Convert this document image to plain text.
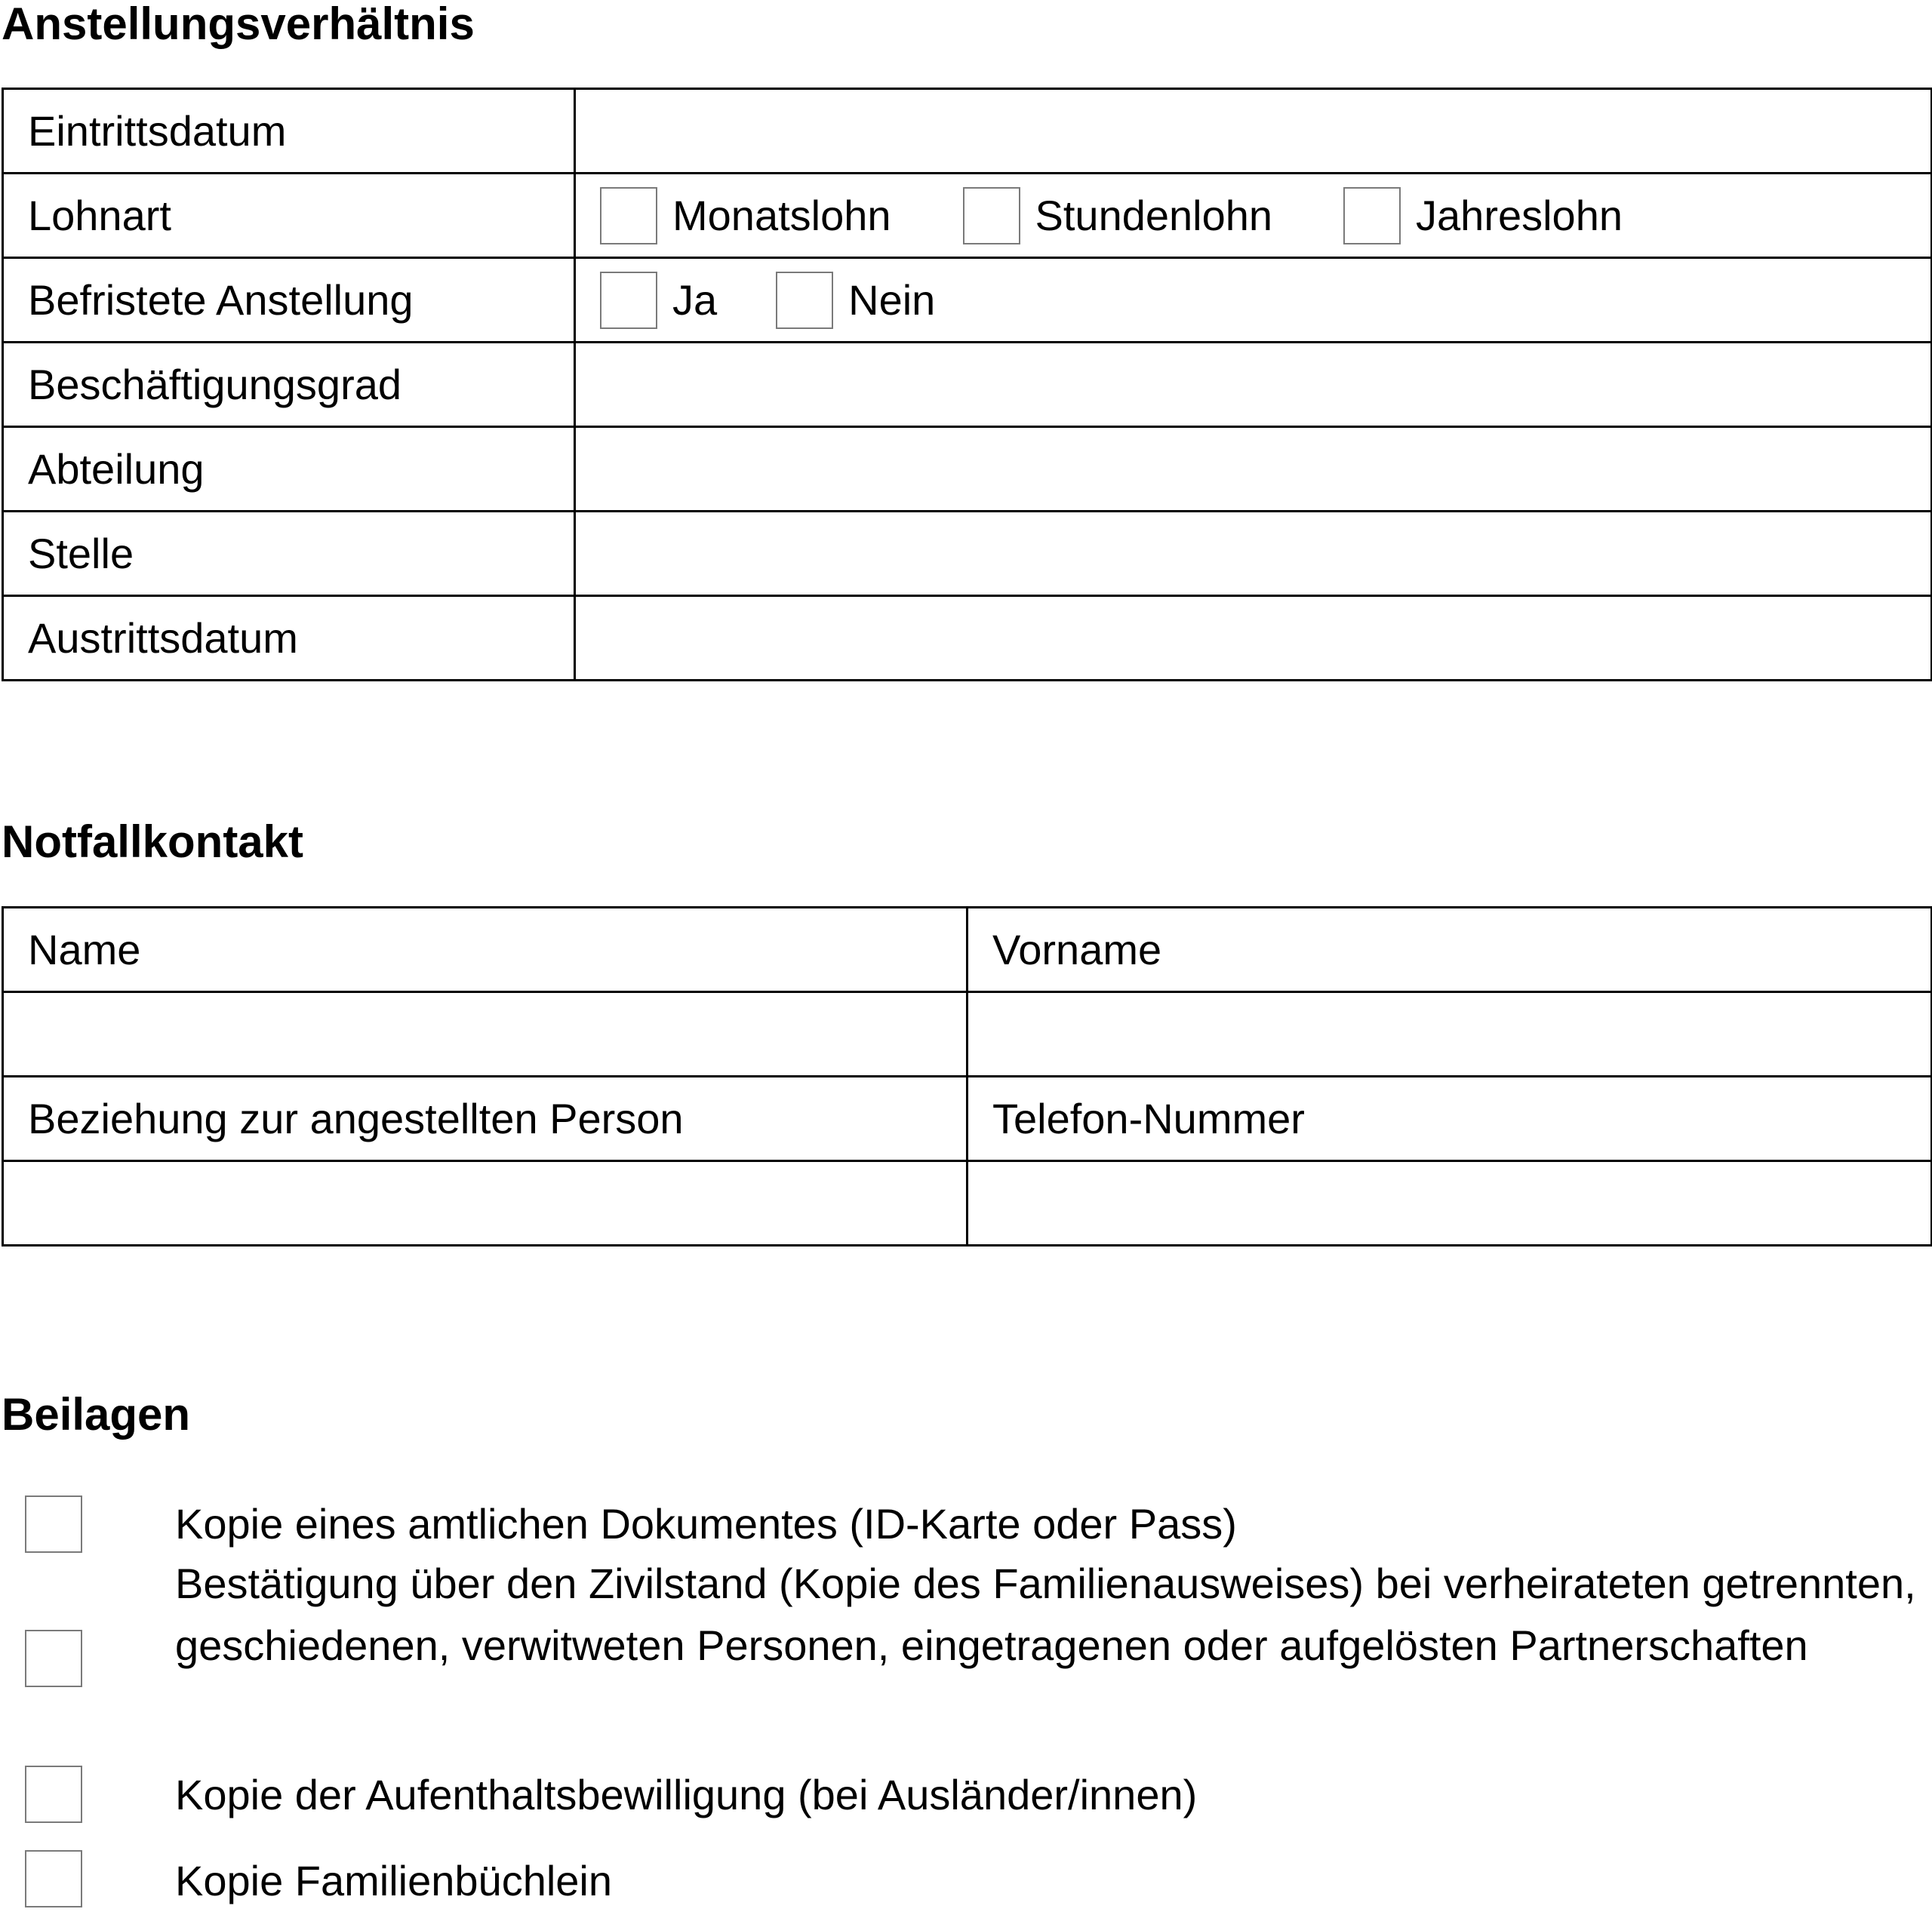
Anstellungsverhältnis
Eintrittsdatum	
Lohnart	Monatslohn Stundenlohn Jahreslohn

Befristete Anstellung	Ja Nein

Beschäftigungsgrad	
Abteilung	
Stelle	
Austrittsdatum	
Notfallkontakt
Name	Vorname

Beziehung zur angestellten Person	Telefon-Nummer

Beilagen
Kopie eines amtlichen Dokumentes (ID-Karte oder Pass)
Bestätigung über den Zivilstand (Kopie des Familienausweises) bei verheirateten getrennten, geschiedenen, verwitweten Personen, eingetragenen oder aufgelösten Partnerschaften
Kopie der Aufenthaltsbewilligung (bei Ausländer/innen)
Kopie Familienbüchlein
